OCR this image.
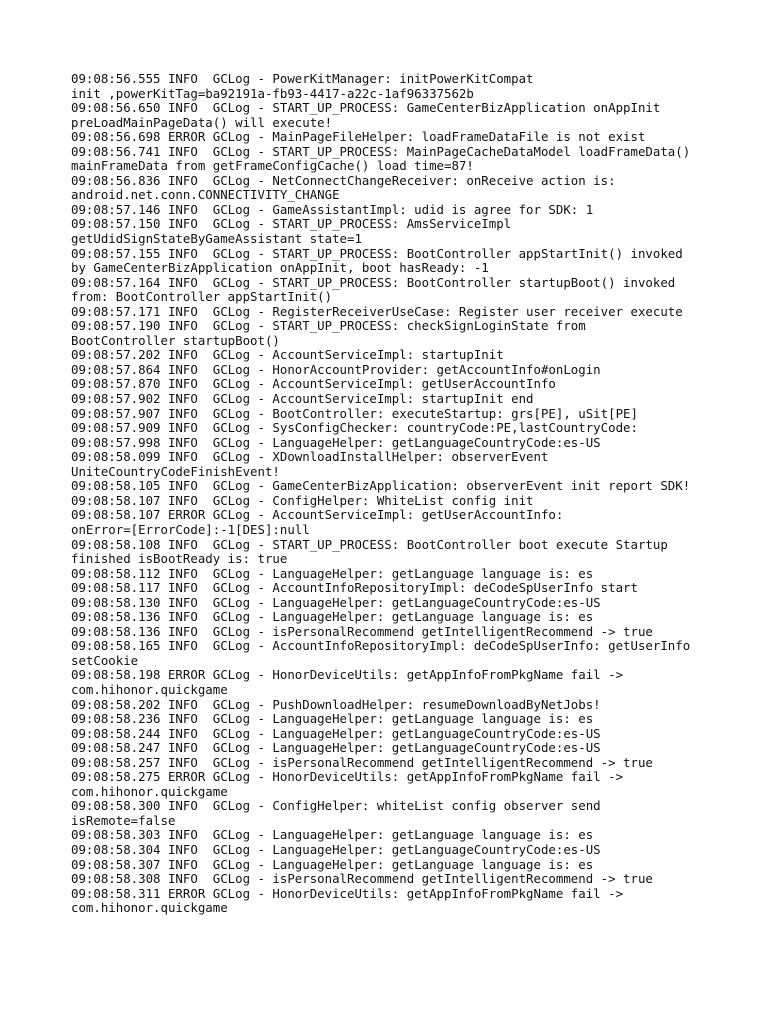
09:08:56.555 INFO  GCLog - PowerKitManager: initPowerKitCompat
init ,powerKitTag=ba92191a-fb93-4417-a22c-1af96337562b
09:08:56.650 INFO  GCLog - START_UP_PROCESS: GameCenterBizApplication onAppInit
preLoadMainPageData() will execute!
09:08:56.698 ERROR GCLog - MainPageFileHelper: loadFrameDataFile is not exist
09:08:56.741 INFO  GCLog - START_UP_PROCESS: MainPageCacheDataModel loadFrameData()
mainFrameData from getFrameConfigCache() load time=87!
09:08:56.836 INFO  GCLog - NetConnectChangeReceiver: onReceive action is:
android.net.conn.CONNECTIVITY_CHANGE
09:08:57.146 INFO  GCLog - GameAssistantImpl: udid is agree for SDK: 1
09:08:57.150 INFO  GCLog - START_UP_PROCESS: AmsServiceImpl
getUdidSignStateByGameAssistant state=1
09:08:57.155 INFO  GCLog - START_UP_PROCESS: BootController appStartInit() invoked
by GameCenterBizApplication onAppInit, boot hasReady: -1
09:08:57.164 INFO  GCLog - START_UP_PROCESS: BootController startupBoot() invoked
from: BootController appStartInit()
09:08:57.171 INFO  GCLog - RegisterReceiverUseCase: Register user receiver execute
09:08:57.190 INFO  GCLog - START_UP_PROCESS: checkSignLoginState from
BootController startupBoot()
09:08:57.202 INFO  GCLog - AccountServiceImpl: startupInit
09:08:57.864 INFO  GCLog - HonorAccountProvider: getAccountInfo#onLogin
09:08:57.870 INFO  GCLog - AccountServiceImpl: getUserAccountInfo
09:08:57.902 INFO  GCLog - AccountServiceImpl: startupInit end
09:08:57.907 INFO  GCLog - BootController: executeStartup: grs[PE], uSit[PE]
09:08:57.909 INFO  GCLog - SysConfigChecker: countryCode:PE,lastCountryCode:
09:08:57.998 INFO  GCLog - LanguageHelper: getLanguageCountryCode:es-US
09:08:58.099 INFO  GCLog - XDownloadInstallHelper: observerEvent
UniteCountryCodeFinishEvent!
09:08:58.105 INFO  GCLog - GameCenterBizApplication: observerEvent init report SDK!
09:08:58.107 INFO  GCLog - ConfigHelper: WhiteList config init
09:08:58.107 ERROR GCLog - AccountServiceImpl: getUserAccountInfo:
onError=[ErrorCode]:-1[DES]:null
09:08:58.108 INFO  GCLog - START_UP_PROCESS: BootController boot execute Startup
finished isBootReady is: true
09:08:58.112 INFO  GCLog - LanguageHelper: getLanguage language is: es
09:08:58.117 INFO  GCLog - AccountInfoRepositoryImpl: deCodeSpUserInfo start
09:08:58.130 INFO  GCLog - LanguageHelper: getLanguageCountryCode:es-US
09:08:58.136 INFO  GCLog - LanguageHelper: getLanguage language is: es
09:08:58.136 INFO  GCLog - isPersonalRecommend getIntelligentRecommend -> true
09:08:58.165 INFO  GCLog - AccountInfoRepositoryImpl: deCodeSpUserInfo: getUserInfo
setCookie
09:08:58.198 ERROR GCLog - HonorDeviceUtils: getAppInfoFromPkgName fail ->
com.hihonor.quickgame
09:08:58.202 INFO  GCLog - PushDownloadHelper: resumeDownloadByNetJobs!
09:08:58.236 INFO  GCLog - LanguageHelper: getLanguage language is: es
09:08:58.244 INFO  GCLog - LanguageHelper: getLanguageCountryCode:es-US
09:08:58.247 INFO  GCLog - LanguageHelper: getLanguageCountryCode:es-US
09:08:58.257 INFO  GCLog - isPersonalRecommend getIntelligentRecommend -> true
09:08:58.275 ERROR GCLog - HonorDeviceUtils: getAppInfoFromPkgName fail ->
com.hihonor.quickgame
09:08:58.300 INFO  GCLog - ConfigHelper: whiteList config observer send
isRemote=false
09:08:58.303 INFO  GCLog - LanguageHelper: getLanguage language is: es
09:08:58.304 INFO  GCLog - LanguageHelper: getLanguageCountryCode:es-US
09:08:58.307 INFO  GCLog - LanguageHelper: getLanguage language is: es
09:08:58.308 INFO  GCLog - isPersonalRecommend getIntelligentRecommend -> true
09:08:58.311 ERROR GCLog - HonorDeviceUtils: getAppInfoFromPkgName fail ->
com.hihonor.quickgame
